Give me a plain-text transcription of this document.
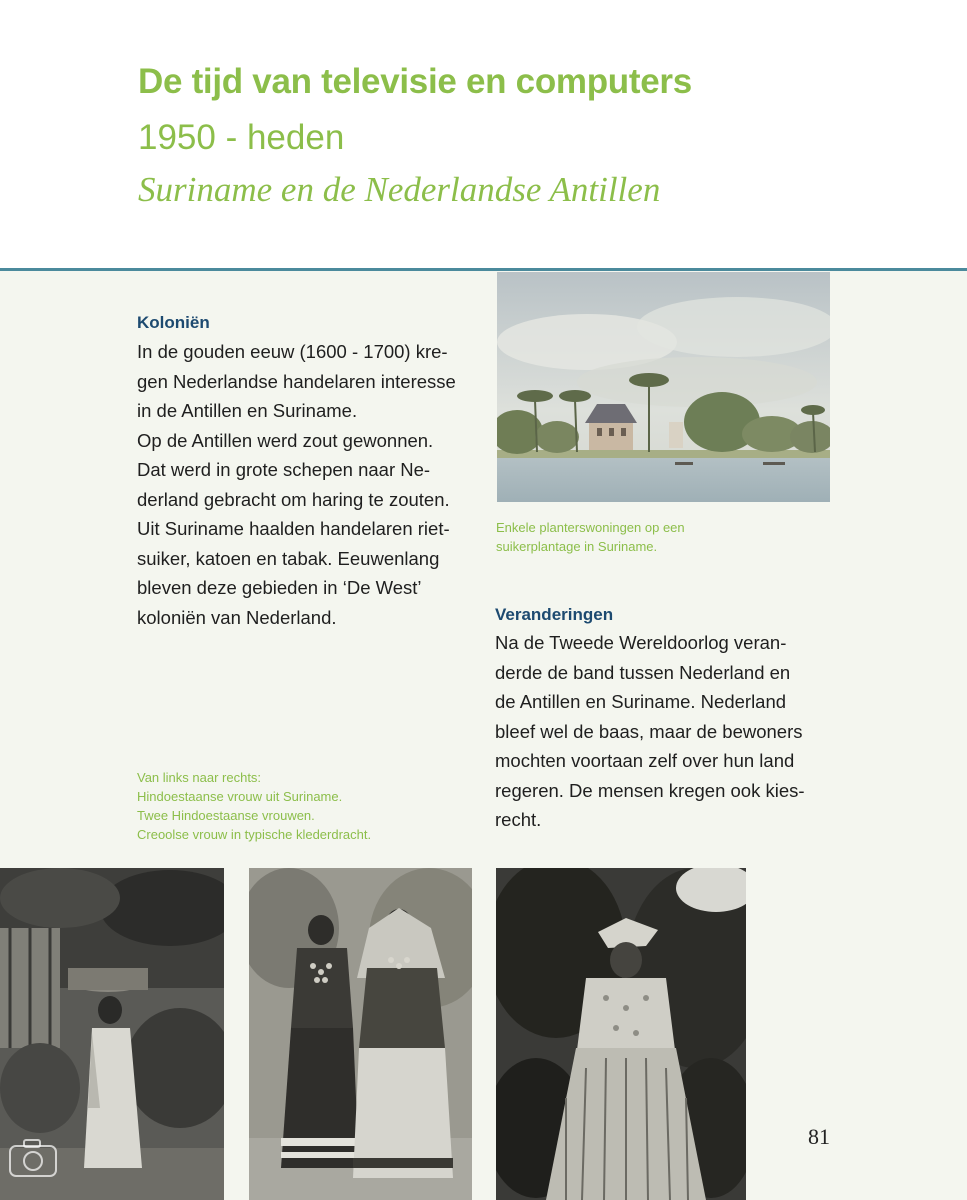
De tijd van televisie en computers
1950 - heden
Suriname en de Nederlandse Antillen
Koloniën
In de gouden eeuw (1600 - 1700) kre-
gen Nederlandse handelaren interesse
in de Antillen en Suriname.
Op de Antillen werd zout gewonnen.
Dat werd in grote schepen naar Ne-
derland gebracht om haring te zouten.
Uit Suriname haalden handelaren riet-
suiker, katoen en tabak. Eeuwenlang
bleven deze gebieden in ‘De West’
koloniën van Nederland.
Enkele planterswoningen op een
suikerplantage in Suriname.
Veranderingen
Na de Tweede Wereldoorlog veran-
derde de band tussen Nederland en
de Antillen en Suriname. Nederland
bleef wel de baas, maar de bewoners
mochten voortaan zelf over hun land
regeren. De mensen kregen ook kies-
recht.
Van links naar rechts:
Hindoestaanse vrouw uit Suriname.
Twee Hindoestaanse vrouwen.
Creoolse vrouw in typische klederdracht.
81
